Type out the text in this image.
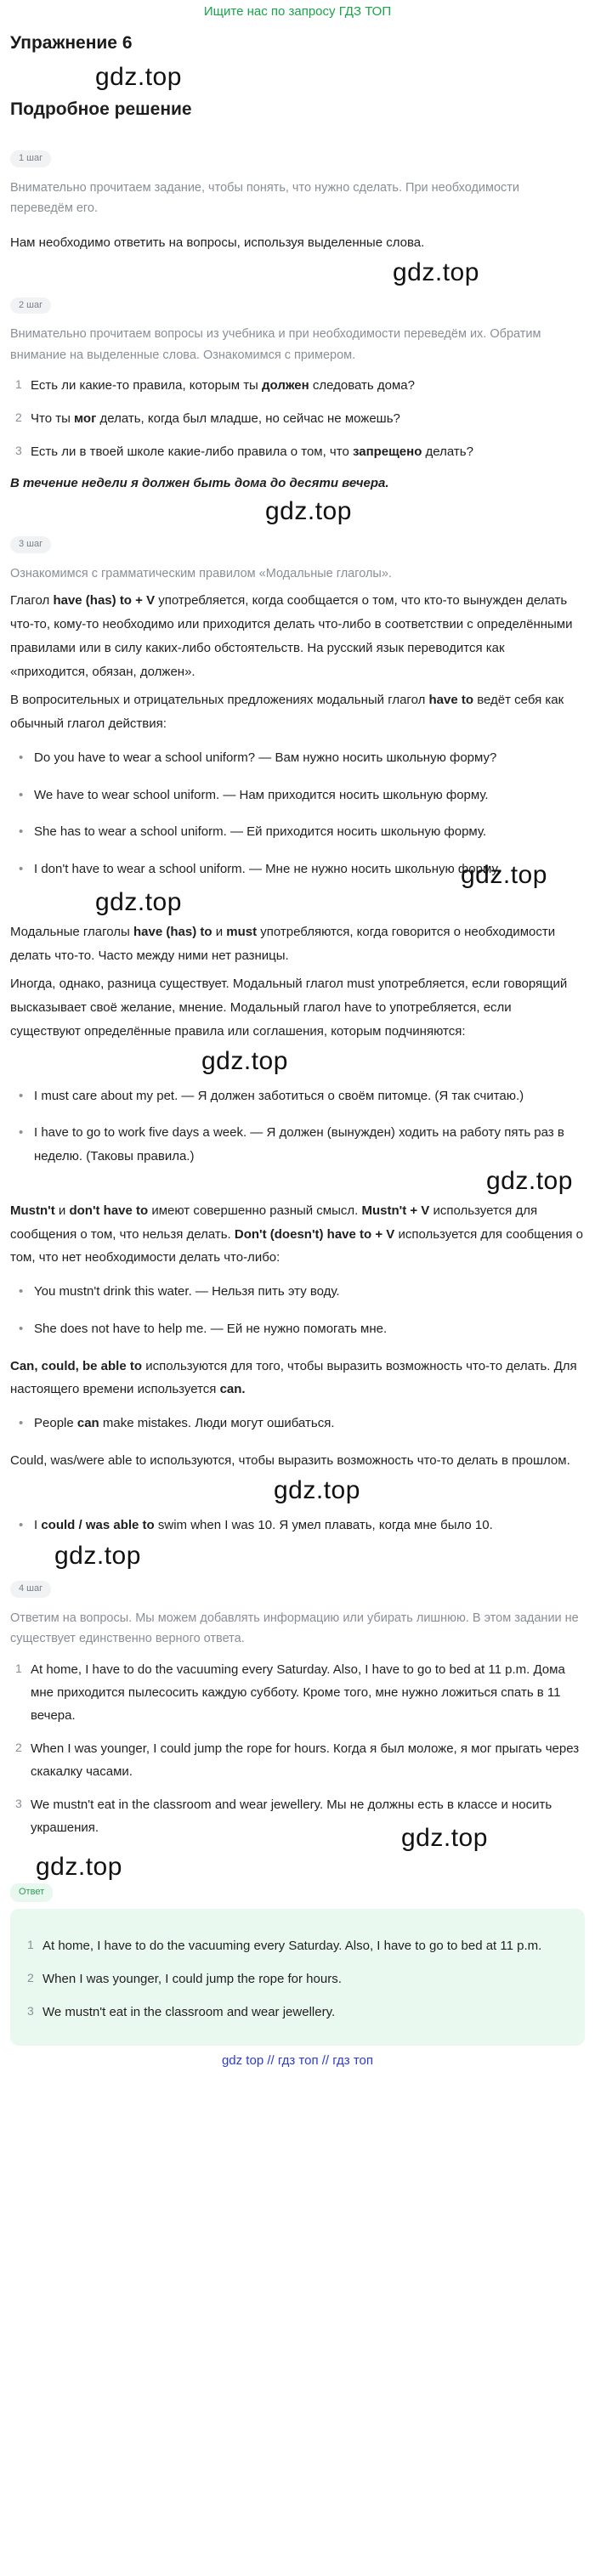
Ищите нас по запросу ГДЗ ТОП
Упражнение 6
gdz.top
Подробное решение
1 шаг
Внимательно прочитаем задание, чтобы понять, что нужно сделать. При необходимости переведём его.
Нам необходимо ответить на вопросы, используя выделенные слова.
gdz.top
2 шаг
Внимательно прочитаем вопросы из учебника и при необходимости переведём их. Обратим внимание на выделенные слова. Ознакомимся с примером.
1 Есть ли какие-то правила, которым ты должен следовать дома?
2 Что ты мог делать, когда был младше, но сейчас не можешь?
3 Есть ли в твоей школе какие-либо правила о том, что запрещено делать?
В течение недели я должен быть дома до десяти вечера.
gdz.top
3 шаг
Ознакомимся с грамматическим правилом «Модальные глаголы».
Глагол have (has) to + V употребляется, когда сообщается о том, что кто-то вынужден делать что-то, кому-то необходимо или приходится делать что-либо в соответствии с определёнными правилами или в силу каких-либо обстоятельств. На русский язык переводится как «приходится, обязан, должен».
В вопросительных и отрицательных предложениях модальный глагол have to ведёт себя как обычный глагол действия:
• Do you have to wear a school uniform? — Вам нужно носить школьную форму?
• We have to wear school uniform. — Нам приходится носить школьную форму.
• She has to wear a school uniform. — Ей приходится носить школьную форму.
• I don't have to wear a school uniform. — Мне не нужно носить школьную форму.
gdz.top
gdz.top
Модальные глаголы have (has) to и must употребляются, когда говорится о необходимости делать что-то. Часто между ними нет разницы.
Иногда, однако, разница существует. Модальный глагол must употребляется, если говорящий высказывает своё желание, мнение. Модальный глагол have to употребляется, если существуют определённые правила или соглашения, которым подчиняются:
gdz.top
• I must care about my pet. — Я должен заботиться о своём питомце. (Я так считаю.)
• I have to go to work five days a week. — Я должен (вынужден) ходить на работу пять раз в неделю. (Таковы правила.)
gdz.top
Mustn't и don't have to имеют совершенно разный смысл. Mustn't + V используется для сообщения о том, что нельзя делать. Don't (doesn't) have to + V используется для сообщения о том, что нет необходимости делать что-либо:
• You mustn't drink this water. — Нельзя пить эту воду.
• She does not have to help me. — Ей не нужно помогать мне.
Can, could, be able to используются для того, чтобы выразить возможность что-то делать. Для настоящего времени используется can.
• People can make mistakes. Люди могут ошибаться.
Could, was/were able to используются, чтобы выразить возможность что-то делать в прошлом.
gdz.top
• I could / was able to swim when I was 10. Я умел плавать, когда мне было 10.
gdz.top
4 шаг
Ответим на вопросы. Мы можем добавлять информацию или убирать лишнюю. В этом задании не существует единственно верного ответа.
1 At home, I have to do the vacuuming every Saturday. Also, I have to go to bed at 11 p.m. Дома мне приходится пылесосить каждую субботу. Кроме того, мне нужно ложиться спать в 11 вечера.
2 When I was younger, I could jump the rope for hours. Когда я был моложе, я мог прыгать через скакалку часами.
3 We mustn't eat in the classroom and wear jewellery. Мы не должны есть в классе и носить украшения.	gdz.top
gdz.top
Ответ
1 At home, I have to do the vacuuming every Saturday. Also, I have to go to bed at 11 p.m.
2 When I was younger, I could jump the rope for hours.
3 We mustn't eat in the classroom and wear jewellery.
gdz top // гдз топ // гдз топ
